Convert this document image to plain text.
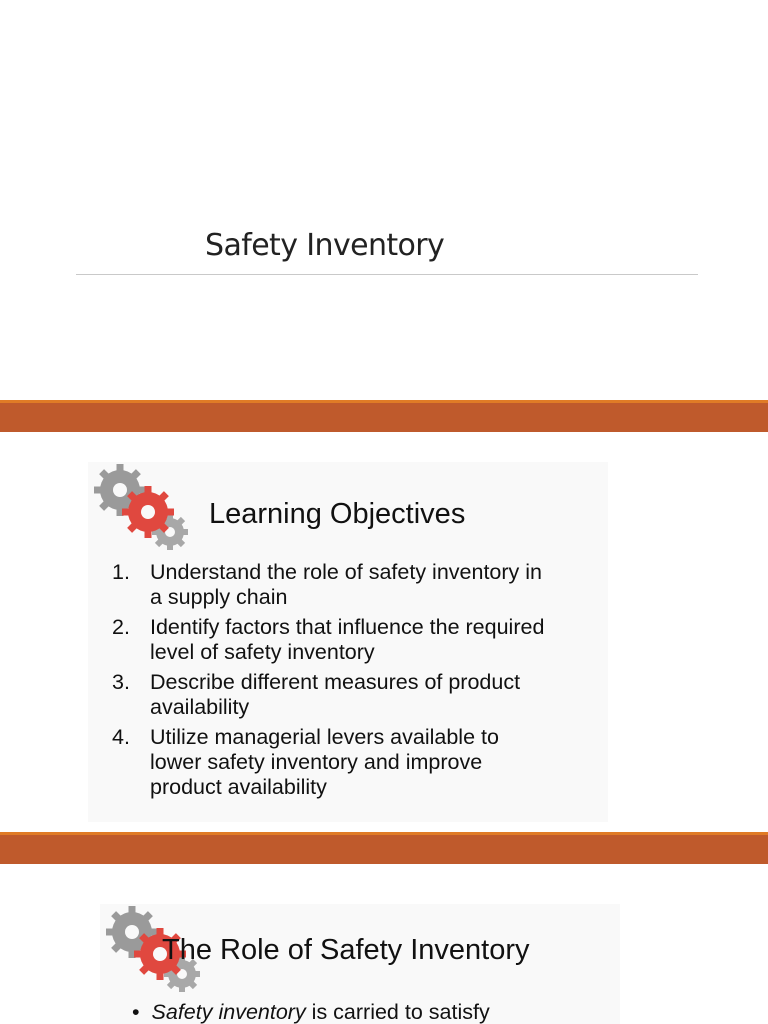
Safety Inventory
Learning Objectives
1. Understand the role of safety inventory in
a supply chain
2. Identify factors that influence the required
level of safety inventory
3. Describe different measures of product
availability
4. Utilize managerial levers available to
lower safety inventory and improve
product availability
The Role of Safety Inventory
• Safety inventory is carried to satisfy
